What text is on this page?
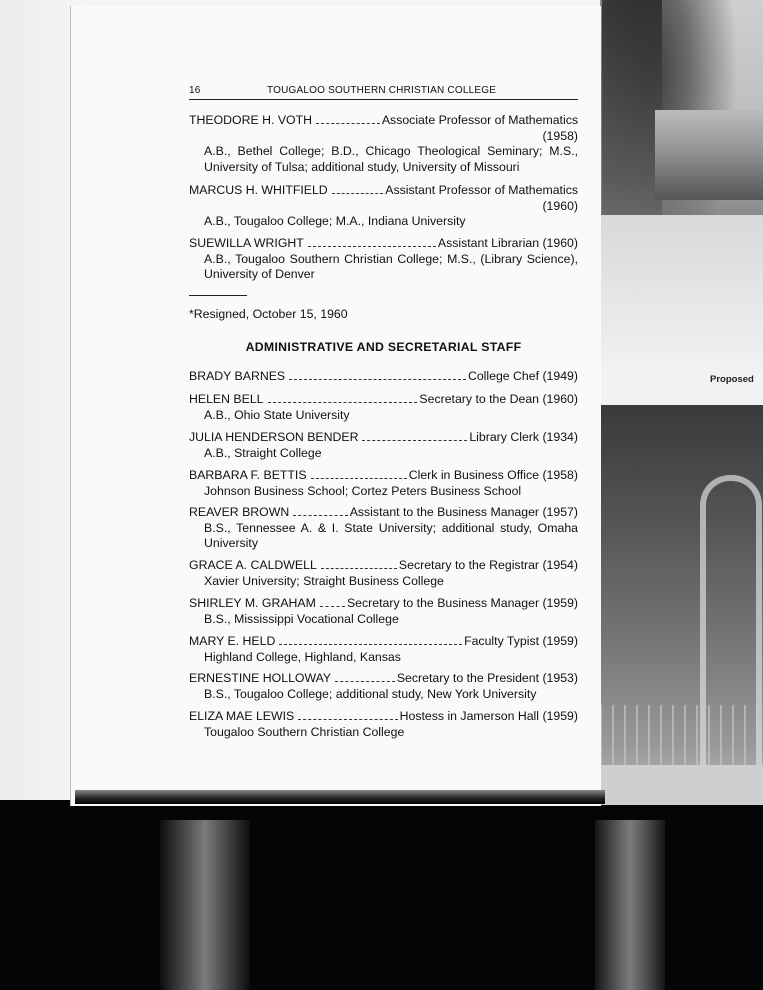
Proposed
16	TOUGALOO SOUTHERN CHRISTIAN COLLEGE
THEODORE H. VOTH	Associate Professor of Mathematics
(1958)
A.B., Bethel College; B.D., Chicago Theological Seminary; M.S., University of Tulsa; additional study, University of Missouri
MARCUS H. WHITFIELD	Assistant Professor of Mathematics
(1960)
A.B., Tougaloo College; M.A., Indiana University
SUEWILLA WRIGHT	Assistant Librarian (1960)
A.B., Tougaloo Southern Christian College; M.S., (Library Science), University of Denver
*Resigned, October 15, 1960
ADMINISTRATIVE AND SECRETARIAL STAFF
BRADY BARNES	College Chef (1949)
HELEN BELL	Secretary to the Dean (1960)
A.B., Ohio State University
JULIA HENDERSON BENDER	Library Clerk (1934)
A.B., Straight College
BARBARA F. BETTIS	Clerk in Business Office (1958)
Johnson Business School; Cortez Peters Business School
REAVER BROWN	Assistant to the Business Manager (1957)
B.S., Tennessee A. & I. State University; additional study, Omaha University
GRACE A. CALDWELL	Secretary to the Registrar (1954)
Xavier University; Straight Business College
SHIRLEY M. GRAHAM	Secretary to the Business Manager (1959)
B.S., Mississippi Vocational College
MARY E. HELD	Faculty Typist (1959)
Highland College, Highland, Kansas
ERNESTINE HOLLOWAY	Secretary to the President (1953)
B.S., Tougaloo College; additional study, New York University
ELIZA MAE LEWIS	Hostess in Jamerson Hall (1959)
Tougaloo Southern Christian College
